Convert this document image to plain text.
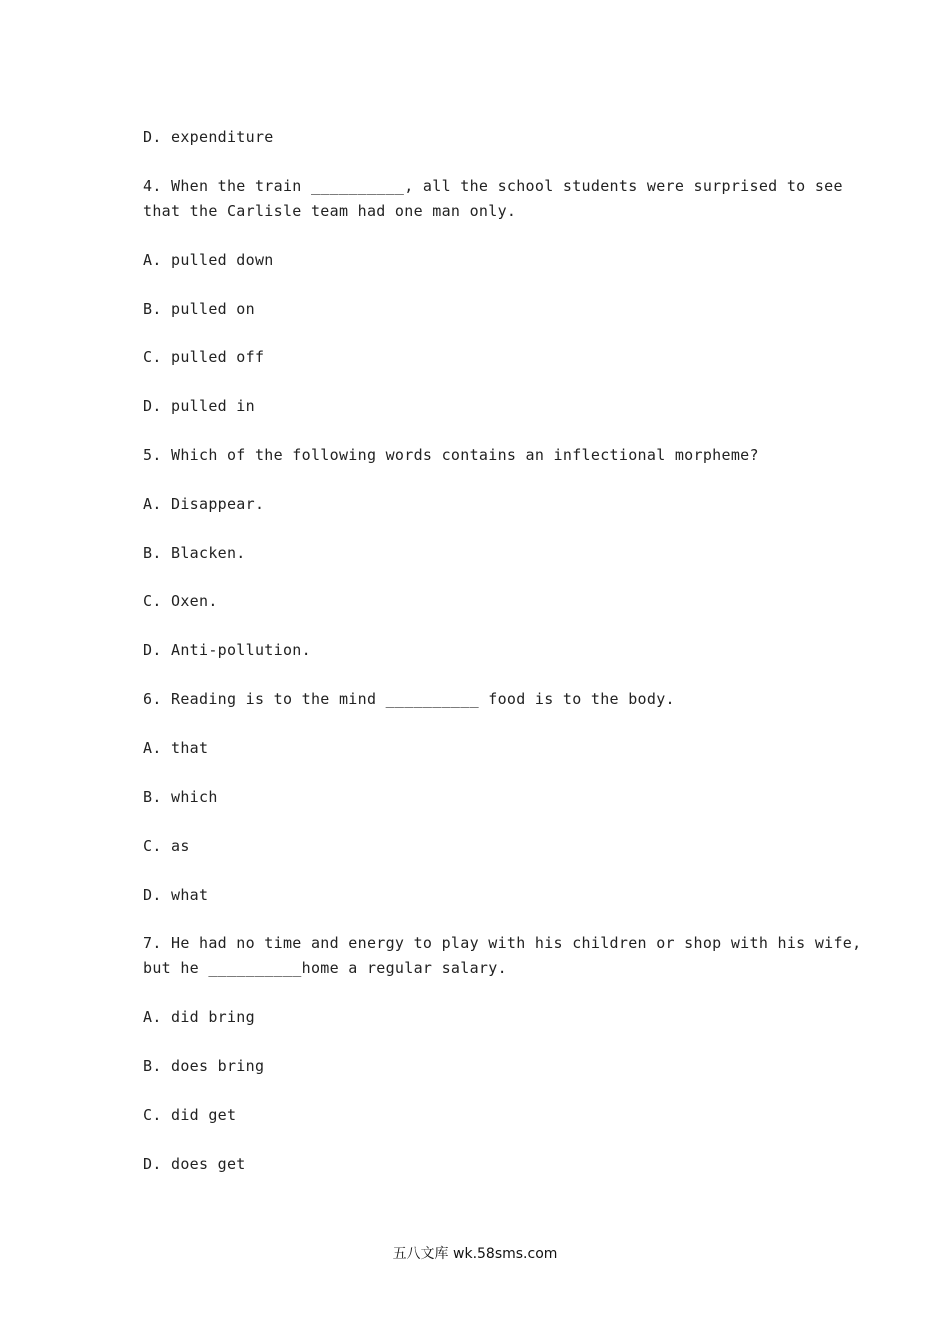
D. expenditure
4. When the train __________, all the school students were surprised to see
that the Carlisle team had one man only.
A. pulled down
B. pulled on
C. pulled off
D. pulled in
5. Which of the following words contains an inflectional morpheme?
A. Disappear.
B. Blacken.
C. Oxen.
D. Anti-pollution.
6. Reading is to the mind __________ food is to the body.
A. that
B. which
C. as
D. what
7. He had no time and energy to play with his children or shop with his wife,
but he __________home a regular salary.
A. did bring
B. does bring
C. did get
D. does get
五八文库 wk.58sms.com
